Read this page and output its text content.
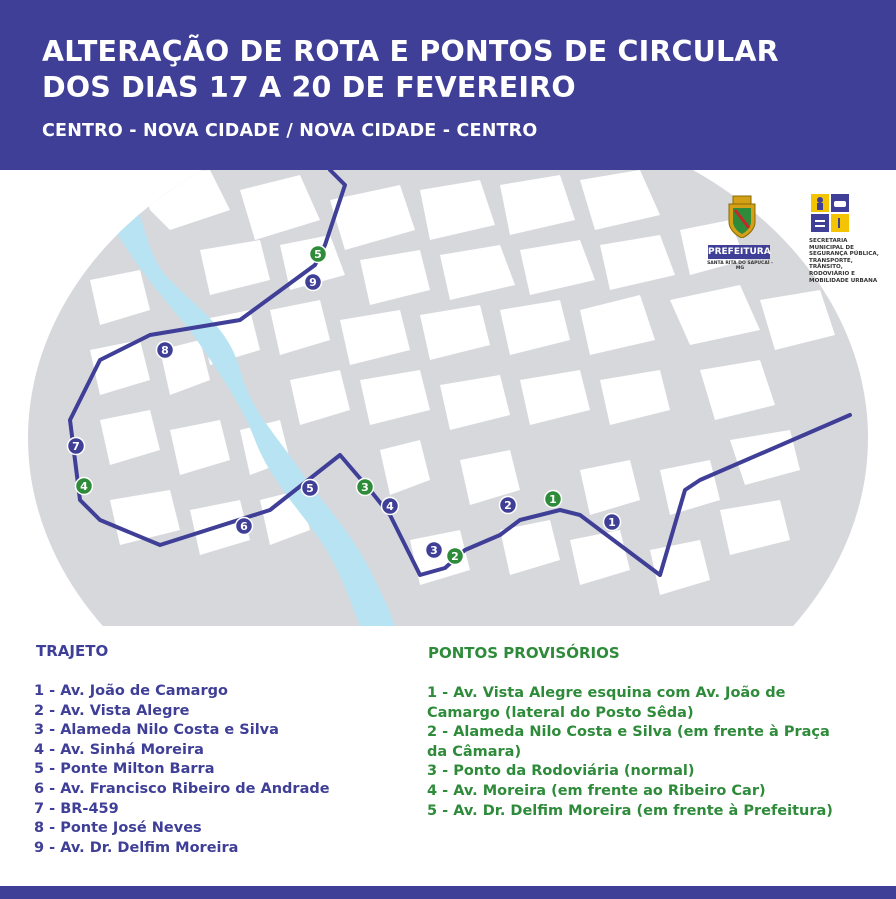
ALTERAÇÃO DE ROTA E PONTOS DE CIRCULAR
DOS DIAS 17 A 20 DE FEVEREIRO
CENTRO - NOVA CIDADE / NOVA CIDADE - CENTRO
1
2
3
4
5
6
7
8
9
1
2
3
4
5	PREFEITURA
SANTA RITA DO SAPUCAÍ - MG
SECRETARIA MUNICIPAL DE SEGURANÇA PÚBLICA, TRANSPORTE, TRÂNSITO, RODOVIÁRIO E MOBILIDADE URBANA
TRAJETO
1 - Av. João de Camargo
2 - Av. Vista Alegre
3 - Alameda Nilo Costa e Silva
4 - Av. Sinhá Moreira
5 - Ponte Milton Barra
6 - Av. Francisco Ribeiro de Andrade
7 - BR-459
8 - Ponte José Neves
9 - Av. Dr. Delfim Moreira
PONTOS PROVISÓRIOS
1 - Av. Vista Alegre esquina com Av. João de Camargo (lateral do Posto Sêda)
2 - Alameda Nilo Costa e Silva (em frente à Praça da Câmara)
3 - Ponto da Rodoviária (normal)
4 - Av. Moreira (em frente ao Ribeiro Car)
5 - Av. Dr. Delfim Moreira (em frente à Prefeitura)
